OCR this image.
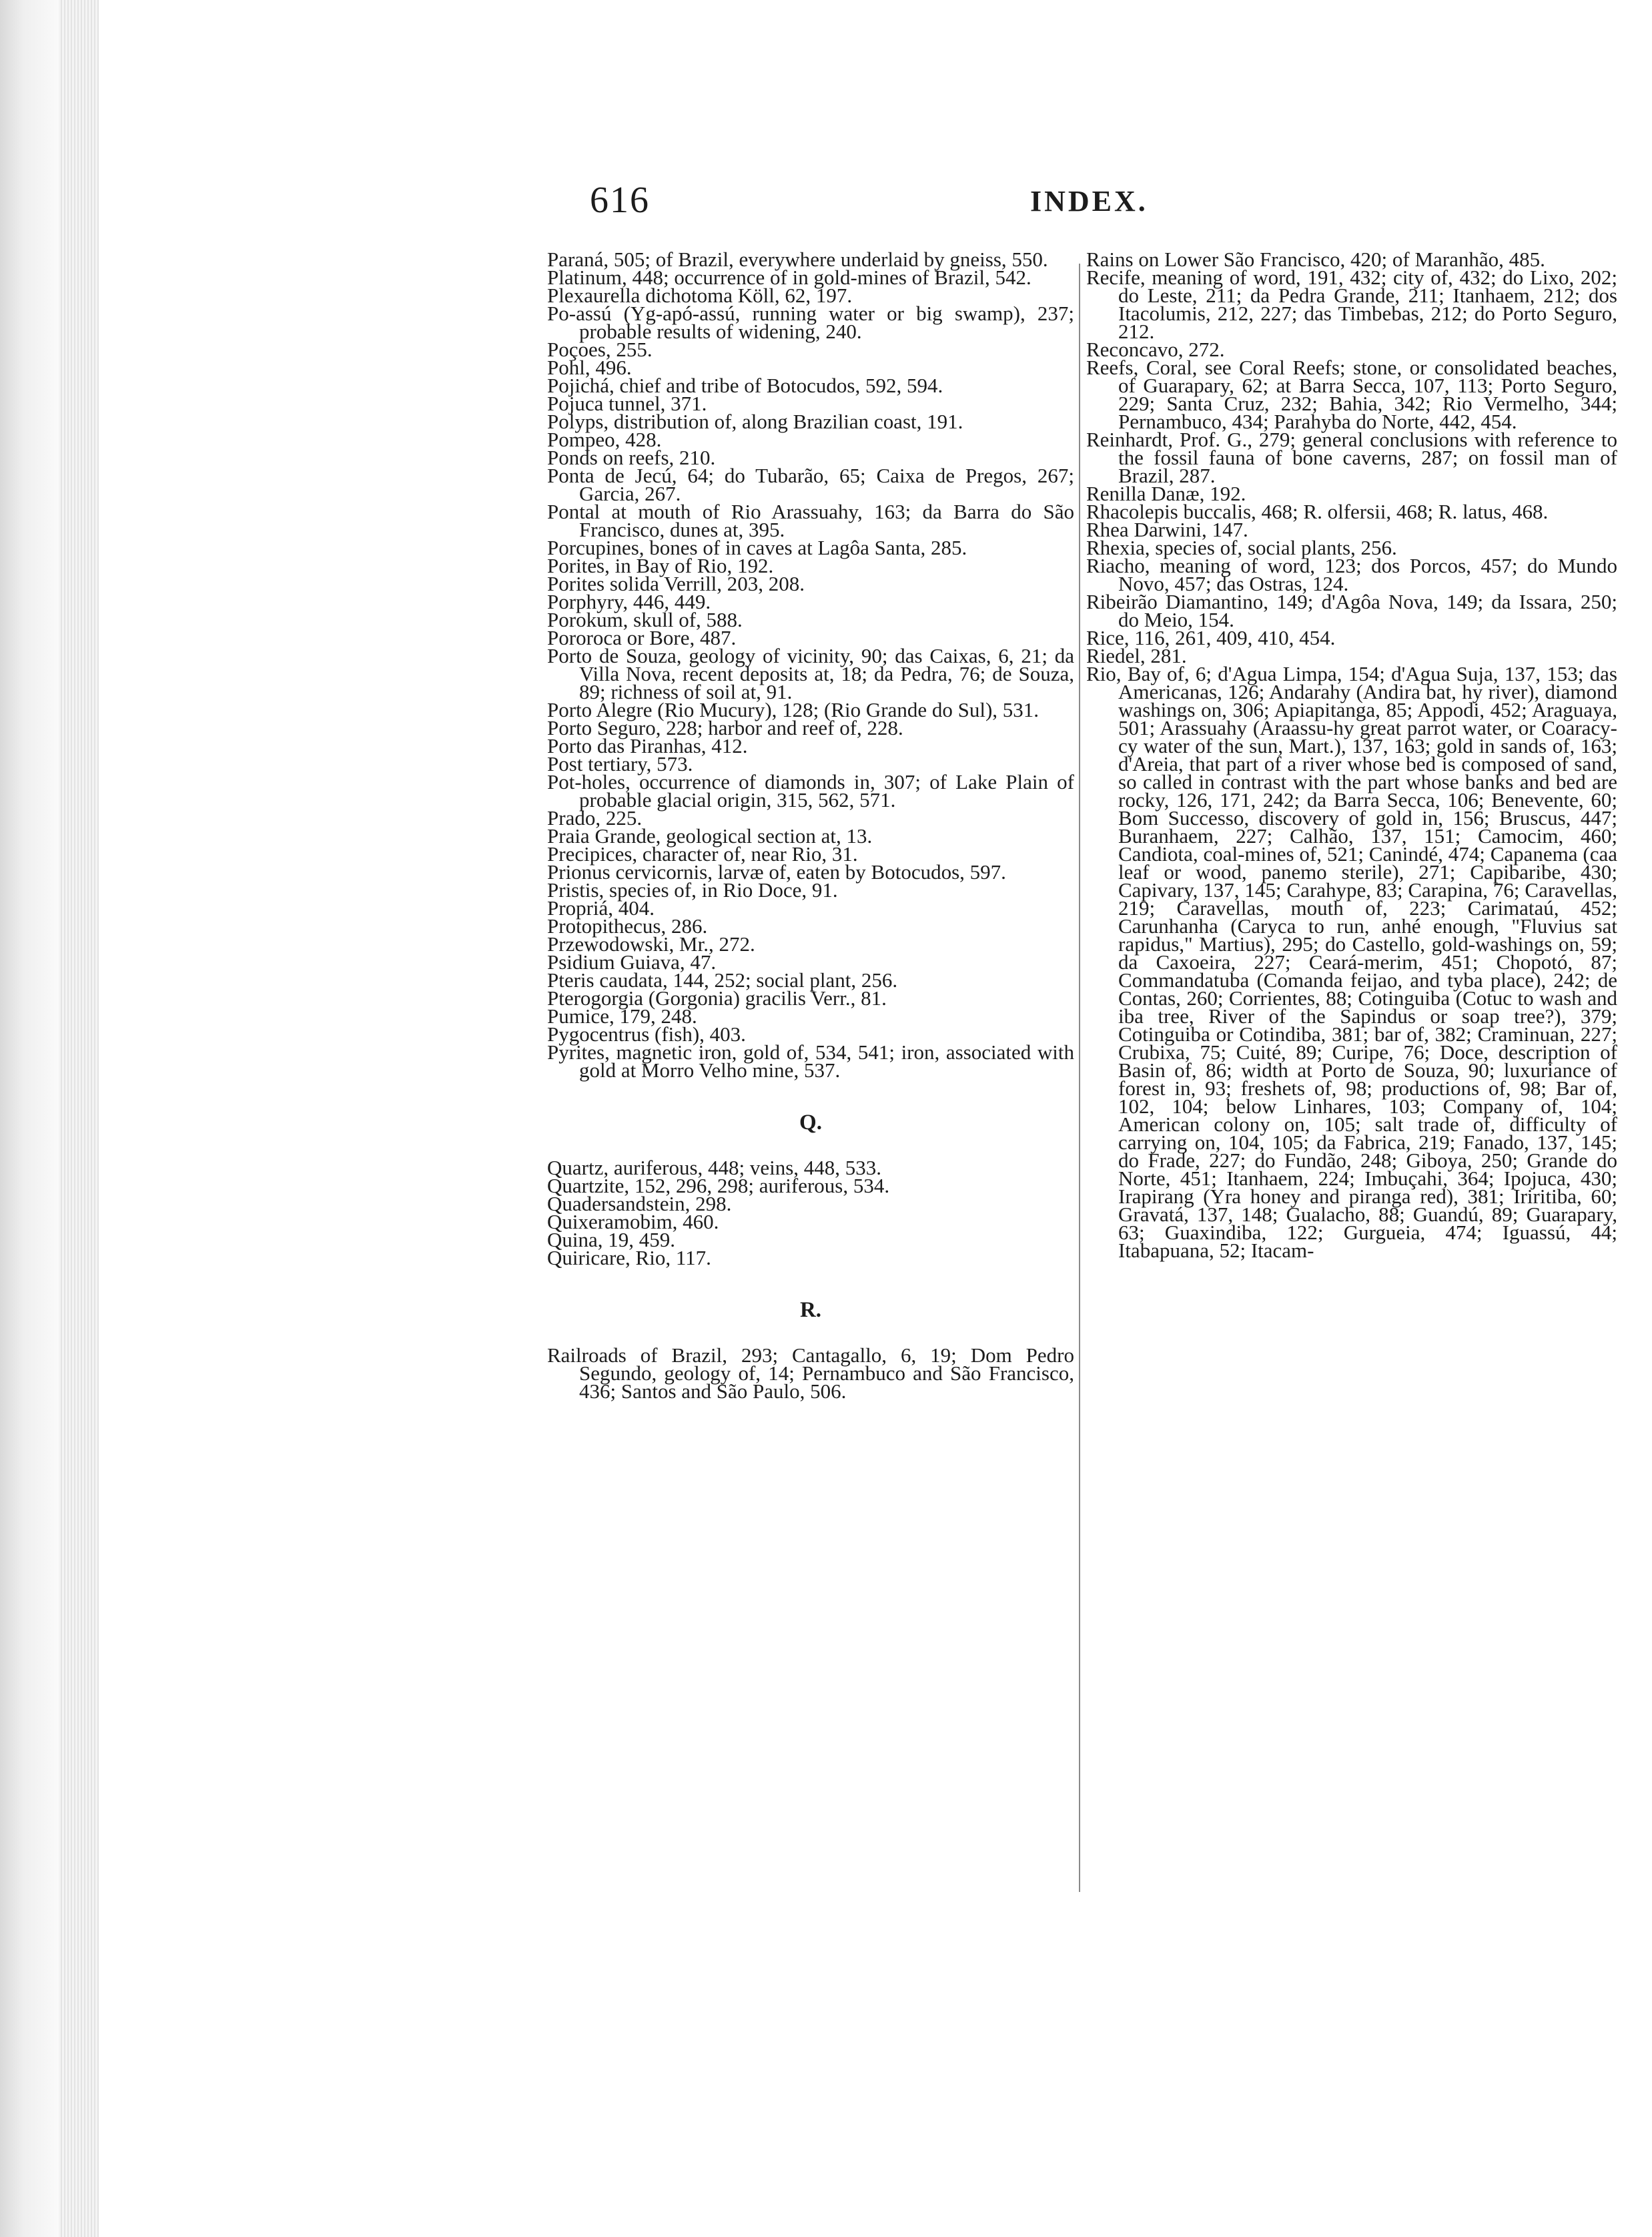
616	INDEX.

Paraná, 505; of Brazil, everywhere underlaid by gneiss, 550.

Platinum, 448; occurrence of in gold-mines of Brazil, 542.

Plexaurella dichotoma Köll, 62, 197.

Po-assú (Yg-apó-assú, running water or big swamp), 237; probable results of widening, 240.

Poçoes, 255.

Pohl, 496.

Pojichá, chief and tribe of Botocudos, 592, 594.

Pojuca tunnel, 371.

Polyps, distribution of, along Brazilian coast, 191.

Pompeo, 428.

Ponds on reefs, 210.

Ponta de Jecú, 64; do Tubarão, 65; Caixa de Pregos, 267; Garcia, 267.

Pontal at mouth of Rio Arassuahy, 163; da Barra do São Francisco, dunes at, 395.

Porcupines, bones of in caves at Lagôa Santa, 285.

Porites, in Bay of Rio, 192.

Porites solida Verrill, 203, 208.

Porphyry, 446, 449.

Porokum, skull of, 588.

Pororoca or Bore, 487.

Porto de Souza, geology of vicinity, 90; das Caixas, 6, 21; da Villa Nova, recent deposits at, 18; da Pedra, 76; de Souza, 89; richness of soil at, 91.

Porto Alegre (Rio Mucury), 128; (Rio Grande do Sul), 531.

Porto Seguro, 228; harbor and reef of, 228.

Porto das Piranhas, 412.

Post tertiary, 573.

Pot-holes, occurrence of diamonds in, 307; of Lake Plain of probable glacial origin, 315, 562, 571.

Prado, 225.

Praia Grande, geological section at, 13.

Precipices, character of, near Rio, 31.

Prionus cervicornis, larvæ of, eaten by Botocudos, 597.

Pristis, species of, in Rio Doce, 91.

Propriá, 404.

Protopithecus, 286.

Przewodowski, Mr., 272.

Psidium Guiava, 47.

Pteris caudata, 144, 252; social plant, 256.

Pterogorgia (Gorgonia) gracilis Verr., 81.

Pumice, 179, 248.

Pygocentrus (fish), 403.

Pyrites, magnetic iron, gold of, 534, 541; iron, associated with gold at Morro Velho mine, 537.

Q.

Quartz, auriferous, 448; veins, 448, 533.

Quartzite, 152, 296, 298; auriferous, 534.

Quadersandstein, 298.

Quixeramobim, 460.

Quina, 19, 459.

Quiricare, Rio, 117.

R.

Railroads of Brazil, 293; Cantagallo, 6, 19; Dom Pedro Segundo, geology of, 14; Pernambuco and São Francisco, 436; Santos and São Paulo, 506.

Rains on Lower São Francisco, 420; of Maranhão, 485.

Recife, meaning of word, 191, 432; city of, 432; do Lixo, 202; do Leste, 211; da Pedra Grande, 211; Itanhaem, 212; dos Itacolumis, 212, 227; das Timbebas, 212; do Porto Seguro, 212.

Reconcavo, 272.

Reefs, Coral, see Coral Reefs; stone, or consolidated beaches, of Guarapary, 62; at Barra Secca, 107, 113; Porto Seguro, 229; Santa Cruz, 232; Bahia, 342; Rio Vermelho, 344; Pernambuco, 434; Parahyba do Norte, 442, 454.

Reinhardt, Prof. G., 279; general conclusions with reference to the fossil fauna of bone caverns, 287; on fossil man of Brazil, 287.

Renilla Danæ, 192.

Rhacolepis buccalis, 468; R. olfersii, 468; R. latus, 468.

Rhea Darwini, 147.

Rhexia, species of, social plants, 256.

Riacho, meaning of word, 123; dos Porcos, 457; do Mundo Novo, 457; das Ostras, 124.

Ribeirão Diamantino, 149; d'Agôa Nova, 149; da Issara, 250; do Meio, 154.

Rice, 116, 261, 409, 410, 454.

Riedel, 281.

Rio, Bay of, 6; d'Agua Limpa, 154; d'Agua Suja, 137, 153; das Americanas, 126; Andarahy (Andira bat, hy river), diamond washings on, 306; Apiapitanga, 85; Appodi, 452; Araguaya, 501; Arassuahy (Araassu-hy great parrot water, or Coaracy-cy water of the sun, Mart.), 137, 163; gold in sands of, 163; d'Areia, that part of a river whose bed is composed of sand, so called in contrast with the part whose banks and bed are rocky, 126, 171, 242; da Barra Secca, 106; Benevente, 60; Bom Successo, discovery of gold in, 156; Bruscus, 447; Buranhaem, 227; Calhão, 137, 151; Camocim, 460; Candiota, coal-mines of, 521; Canindé, 474; Capanema (caa leaf or wood, panemo sterile), 271; Capibaribe, 430; Capivary, 137, 145; Carahype, 83; Carapina, 76; Caravellas, 219; Caravellas, mouth of, 223; Carimataú, 452; Carunhanha (Caryca to run, anhé enough, "Fluvius sat rapidus," Martius), 295; do Castello, gold-washings on, 59; da Caxoeira, 227; Ceará-merim, 451; Chopotó, 87; Commandatuba (Comanda feijao, and tyba place), 242; de Contas, 260; Corrientes, 88; Cotinguiba (Cotuc to wash and iba tree, River of the Sapindus or soap tree?), 379; Cotinguiba or Cotindiba, 381; bar of, 382; Craminuan, 227; Crubixa, 75; Cuité, 89; Curipe, 76; Doce, description of Basin of, 86; width at Porto de Souza, 90; luxuriance of forest in, 93; freshets of, 98; productions of, 98; Bar of, 102, 104; below Linhares, 103; Company of, 104; American colony on, 105; salt trade of, difficulty of carrying on, 104, 105; da Fabrica, 219; Fanado, 137, 145; do Frade, 227; do Fundão, 248; Giboya, 250; Grande do Norte, 451; Itanhaem, 224; Imbuçahi, 364; Ipojuca, 430; Irapirang (Yra honey and piranga red), 381; Iriritiba, 60; Gravatá, 137, 148; Gualacho, 88; Guandú, 89; Guarapary, 63; Guaxindiba, 122; Gurgueia, 474; Iguassú, 44; Itabapuana, 52; Itacam-
